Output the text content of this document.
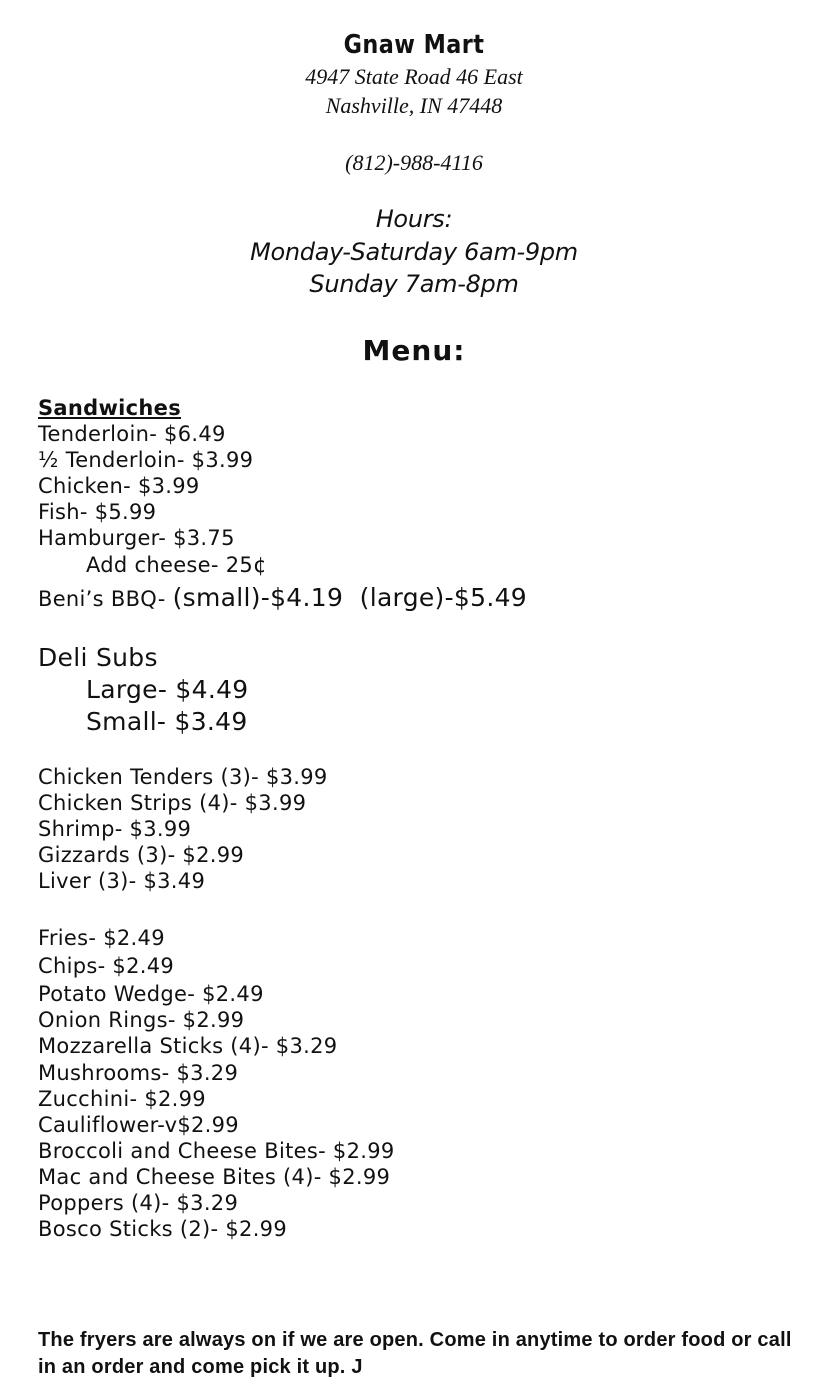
Gnaw Mart
4947 State Road 46 East
Nashville, IN 47448
(812)-988-4116
Hours:
Monday-Saturday 6am-9pm
Sunday 7am-8pm
Menu:
Sandwiches
Tenderloin- $6.49
½ Tenderloin- $3.99
Chicken- $3.99
Fish- $5.99
Hamburger- $3.75
Add cheese- 25¢
Beni’s BBQ- (small)-$4.19  (large)-$5.49
Deli Subs
Large- $4.49
Small- $3.49
Chicken Tenders (3)- $3.99
Chicken Strips (4)- $3.99
Shrimp- $3.99
Gizzards (3)- $2.99
Liver (3)- $3.49
Fries- $2.49
Chips- $2.49
Potato Wedge- $2.49
Onion Rings- $2.99
Mozzarella Sticks (4)- $3.29
Mushrooms- $3.29
Zucchini- $2.99
Cauliflower-v$2.99
Broccoli and Cheese Bites- $2.99
Mac and Cheese Bites (4)- $2.99
Poppers (4)- $3.29
Bosco Sticks (2)- $2.99
The fryers are always on if we are open. Come in anytime to order food or call in an order and come pick it up. J
